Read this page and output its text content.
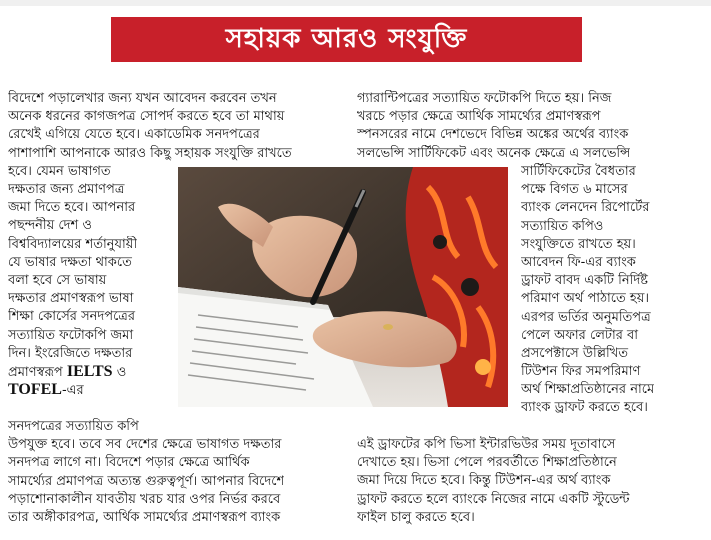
সহায়ক আরও সংযুক্তি
বিদেশে পড়ালেখার জন্য যখন আবেদন করবেন তখন
অনেক ধরনের কাগজপত্র সোপর্দ করতে হবে তা মাথায়
রেখেই এগিয়ে যেতে হবে। একাডেমিক সনদপত্রের
পাশাপাশি আপনাকে আরও কিছু সহায়ক সংযুক্তি রাখতে
হবে। যেমন ভাষাগত
দক্ষতার জন্য প্রমাণপত্র
জমা দিতে হবে। আপনার
পছন্দনীয় দেশ ও
বিশ্ববিদ্যালয়ের শর্তানুযায়ী
যে ভাষার দক্ষতা থাকতে
বলা হবে সে ভাষায়
দক্ষতার প্রমাণস্বরূপ ভাষা
শিক্ষা কোর্সের সনদপত্রের
সত্যায়িত ফটোকপি জমা
দিন। ইংরেজিতে দক্ষতার
প্রমাণস্বরূপ IELTS ও
TOFEL-এর
সনদপত্রের সত্যায়িত কপি
উপযুক্ত হবে। তবে সব দেশের ক্ষেত্রে ভাষাগত দক্ষতার
সনদপত্র লাগে না। বিদেশে পড়ার ক্ষেত্রে আর্থিক
সামর্থ্যের প্রমাণপত্র অত্যন্ত গুরুত্বপূর্ণ। আপনার বিদেশে
পড়াশোনাকালীন যাবতীয় খরচ যার ওপর নির্ভর করবে
তার অঙ্গীকারপত্র, আর্থিক সামর্থ্যের প্রমাণস্বরূপ ব্যাংক
গ্যারান্টিপত্রের সত্যায়িত ফটোকপি দিতে হয়। নিজ
খরচে পড়ার ক্ষেত্রে আর্থিক সামর্থ্যের প্রমাণস্বরূপ
স্পনসরের নামে দেশভেদে বিভিন্ন অঙ্কের অর্থের ব্যাংক
সলভেন্সি সার্টিফিকেট এবং অনেক ক্ষেত্রে এ সলভেন্সি
সার্টিফিকেটের বৈধতার
পক্ষে বিগত ৬ মাসের
ব্যাংক লেনদেন রিপোর্টের
সত্যায়িত কপিও
সংযুক্তিতে রাখতে হয়।
আবেদন ফি-এর ব্যাংক
ড্রাফট বাবদ একটি নির্দিষ্ট
পরিমাণ অর্থ পাঠাতে হয়।
এরপর ভর্তির অনুমতিপত্র
পেলে অফার লেটার বা
প্রসপেক্টাসে উল্লিখিত
টিউশন ফির সমপরিমাণ
অর্থ শিক্ষাপ্রতিষ্ঠানের নামে
ব্যাংক ড্রাফট করতে হবে।
এই ড্রাফটের কপি ভিসা ইন্টারভিউর সময় দূতাবাসে
দেখাতে হয়। ভিসা পেলে পরবর্তীতে শিক্ষাপ্রতিষ্ঠানে
জমা দিয়ে দিতে হবে। কিন্তু টিউশন-এর অর্থ ব্যাংক
ড্রাফট করতে হলে ব্যাংকে নিজের নামে একটি স্টুডেন্ট
ফাইল চালু করতে হবে।
